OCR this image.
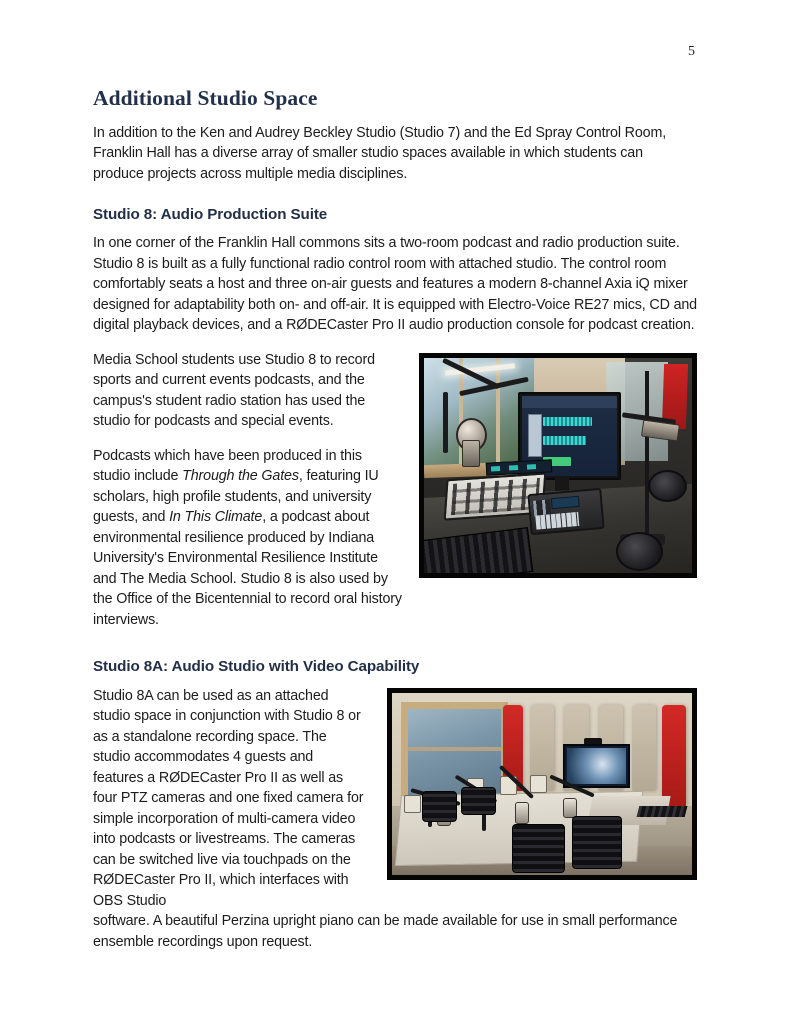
5
Additional Studio Space

In addition to the Ken and Audrey Beckley Studio (Studio 7) and the Ed Spray Control Room, Franklin Hall has a diverse array of smaller studio spaces available in which students can produce projects across multiple media disciplines.

Studio 8: Audio Production Suite

In one corner of the Franklin Hall commons sits a two-room podcast and radio production suite. Studio 8 is built as a fully functional radio control room with attached studio. The control room comfortably seats a host and three on-air guests and features a modern 8-channel Axia iQ mixer designed for adaptability both on- and off-air. It is equipped with Electro-Voice RE27 mics, CD and digital playback devices, and a RØDECaster Pro II audio production console for podcast creation.

Media School students use Studio 8 to record sports and current events podcasts, and the campus's student radio station has used the studio for podcasts and special events.

Podcasts which have been produced in this studio include Through the Gates, featuring IU scholars, high profile students, and university guests, and In This Climate, a podcast about environmental resilience produced by Indiana University's Environmental Resilience Institute and The Media School. Studio 8 is also used by the Office of the Bicentennial to record oral history interviews.

Studio 8A: Audio Studio with Video Capability

Studio 8A can be used as an attached studio space in conjunction with Studio 8 or as a standalone recording space. The studio accommodates 4 guests and features a RØDECaster Pro II as well as four PTZ cameras and one fixed camera for simple incorporation of multi-camera video into podcasts or livestreams. The cameras can be switched live via touchpads on the RØDECaster Pro II, which interfaces with OBS Studio

software. A beautiful Perzina upright piano can be made available for use in small performance ensemble recordings upon request.
